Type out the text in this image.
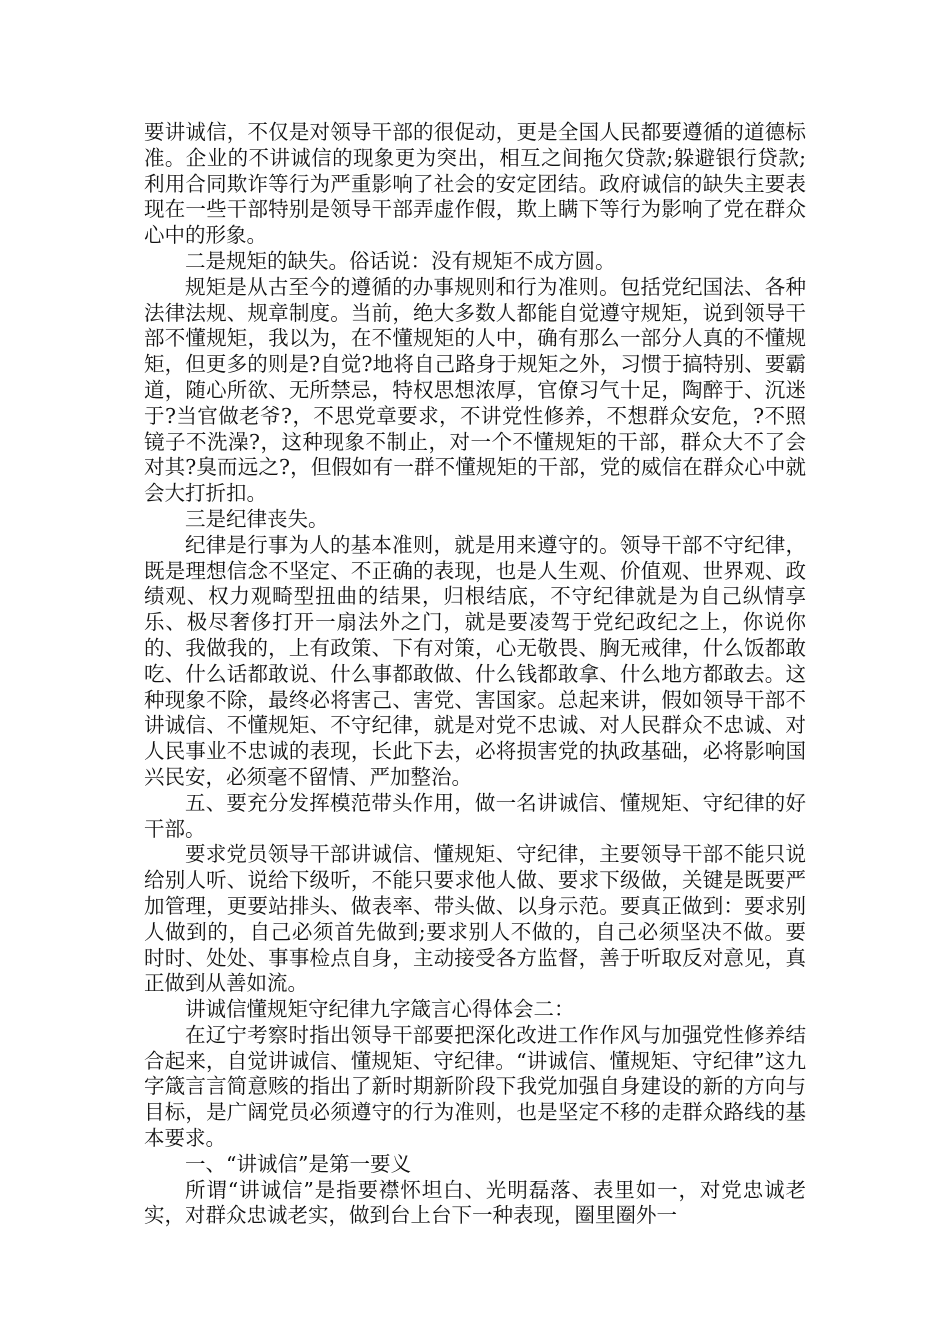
要讲诚信，不仅是对领导干部的很促动，更是全国人民都要遵循的道德标准。企业的不讲诚信的现象更为突出，相互之间拖欠贷款;躲避银行贷款;利用合同欺诈等行为严重影响了社会的安定团结。政府诚信的缺失主要表现在一些干部特别是领导干部弄虚作假，欺上瞒下等行为影响了党在群众心中的形象。

二是规矩的缺失。俗话说：没有规矩不成方圆。

规矩是从古至今的遵循的办事规则和行为准则。包括党纪国法、各种法律法规、规章制度。当前，绝大多数人都能自觉遵守规矩，说到领导干部不懂规矩，我以为，在不懂规矩的人中，确有那么一部分人真的不懂规矩，但更多的则是?自觉?地将自己路身于规矩之外，习惯于搞特别、要霸道，随心所欲、无所禁忌，特权思想浓厚，官僚习气十足，陶醉于、沉迷于?当官做老爷?，不思党章要求，不讲党性修养，不想群众安危，?不照镜子不洗澡?，这种现象不制止，对一个不懂规矩的干部，群众大不了会对其?臭而远之?，但假如有一群不懂规矩的干部，党的威信在群众心中就会大打折扣。

三是纪律丧失。

纪律是行事为人的基本准则，就是用来遵守的。领导干部不守纪律，既是理想信念不坚定、不正确的表现，也是人生观、价值观、世界观、政绩观、权力观畸型扭曲的结果，归根结底，不守纪律就是为自己纵情享乐、极尽奢侈打开一扇法外之门，就是要凌驾于党纪政纪之上，你说你的、我做我的，上有政策、下有对策，心无敬畏、胸无戒律，什么饭都敢吃、什么话都敢说、什么事都敢做、什么钱都敢拿、什么地方都敢去。这种现象不除，最终必将害己、害党、害国家。总起来讲，假如领导干部不讲诚信、不懂规矩、不守纪律，就是对党不忠诚、对人民群众不忠诚、对人民事业不忠诚的表现，长此下去，必将损害党的执政基础，必将影响国兴民安，必须毫不留情、严加整治。

五、要充分发挥模范带头作用，做一名讲诚信、懂规矩、守纪律的好干部。

要求党员领导干部讲诚信、懂规矩、守纪律，主要领导干部不能只说给别人听、说给下级听，不能只要求他人做、要求下级做，关键是既要严加管理，更要站排头、做表率、带头做、以身示范。要真正做到：要求别人做到的，自己必须首先做到;要求别人不做的，自己必须坚决不做。要时时、处处、事事检点自身，主动接受各方监督，善于听取反对意见，真正做到从善如流。

讲诚信懂规矩守纪律九字箴言心得体会二：

在辽宁考察时指出领导干部要把深化改进工作作风与加强党性修养结合起来，自觉讲诚信、懂规矩、守纪律。“讲诚信、懂规矩、守纪律”这九字箴言言简意赅的指出了新时期新阶段下我党加强自身建设的新的方向与目标，是广阔党员必须遵守的行为准则，也是坚定不移的走群众路线的基本要求。

一、“讲诚信”是第一要义

所谓“讲诚信”是指要襟怀坦白、光明磊落、表里如一，对党忠诚老实，对群众忠诚老实，做到台上台下一种表现，圈里圈外一
